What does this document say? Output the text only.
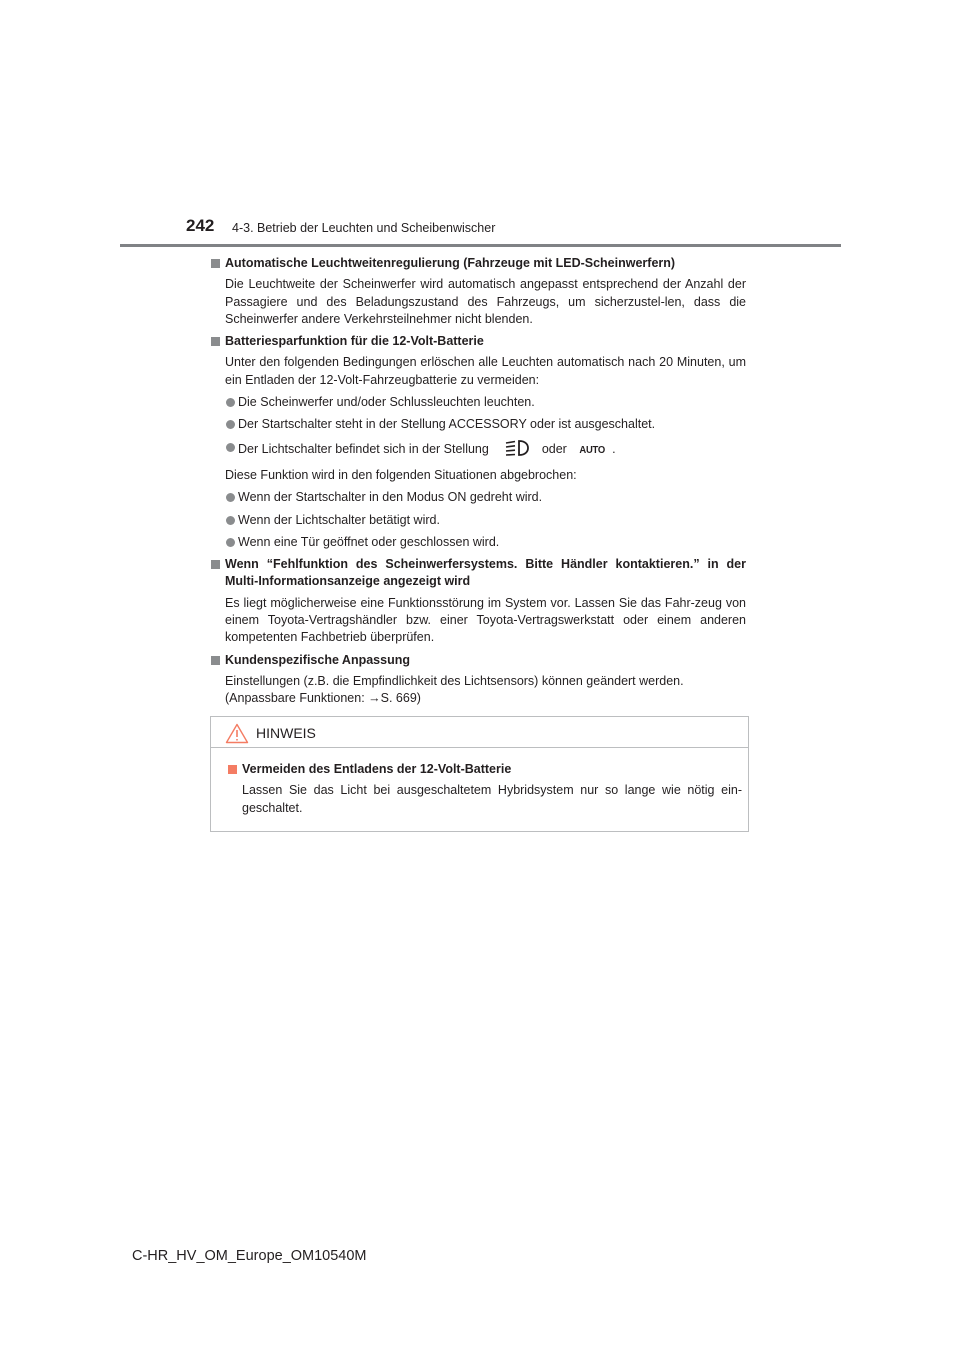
242 4-3. Betrieb der Leuchten und Scheibenwischer
Automatische Leuchtweitenregulierung (Fahrzeuge mit LED-Scheinwerfern)
Die Leuchtweite der Scheinwerfer wird automatisch angepasst entsprechend der Anzahl der Passagiere und des Beladungszustand des Fahrzeugs, um sicherzustel-len, dass die Scheinwerfer andere Verkehrsteilnehmer nicht blenden.
Batteriesparfunktion für die 12-Volt-Batterie
Unter den folgenden Bedingungen erlöschen alle Leuchten automatisch nach 20 Minuten, um ein Entladen der 12-Volt-Fahrzeugbatterie zu vermeiden:
Die Scheinwerfer und/oder Schlussleuchten leuchten.
Der Startschalter steht in der Stellung ACCESSORY oder ist ausgeschaltet.
Der Lichtschalter befindet sich in der Stellung	oder AUTO .
Diese Funktion wird in den folgenden Situationen abgebrochen:
Wenn der Startschalter in den Modus ON gedreht wird.
Wenn der Lichtschalter betätigt wird.
Wenn eine Tür geöffnet oder geschlossen wird.
Wenn “Fehlfunktion des Scheinwerfersystems. Bitte Händler kontaktieren.” in der Multi-Informationsanzeige angezeigt wird
Es liegt möglicherweise eine Funktionsstörung im System vor. Lassen Sie das Fahr-zeug von einem Toyota-Vertragshändler bzw. einer Toyota-Vertragswerkstatt oder einem anderen kompetenten Fachbetrieb überprüfen.
Kundenspezifische Anpassung
Einstellungen (z.B. die Empfindlichkeit des Lichtsensors) können geändert werden.
(Anpassbare Funktionen: →S. 669)
HINWEIS
Vermeiden des Entladens der 12-Volt-Batterie
Lassen Sie das Licht bei ausgeschaltetem Hybridsystem nur so lange wie nötig ein-geschaltet.
C-HR_HV_OM_Europe_OM10540M
